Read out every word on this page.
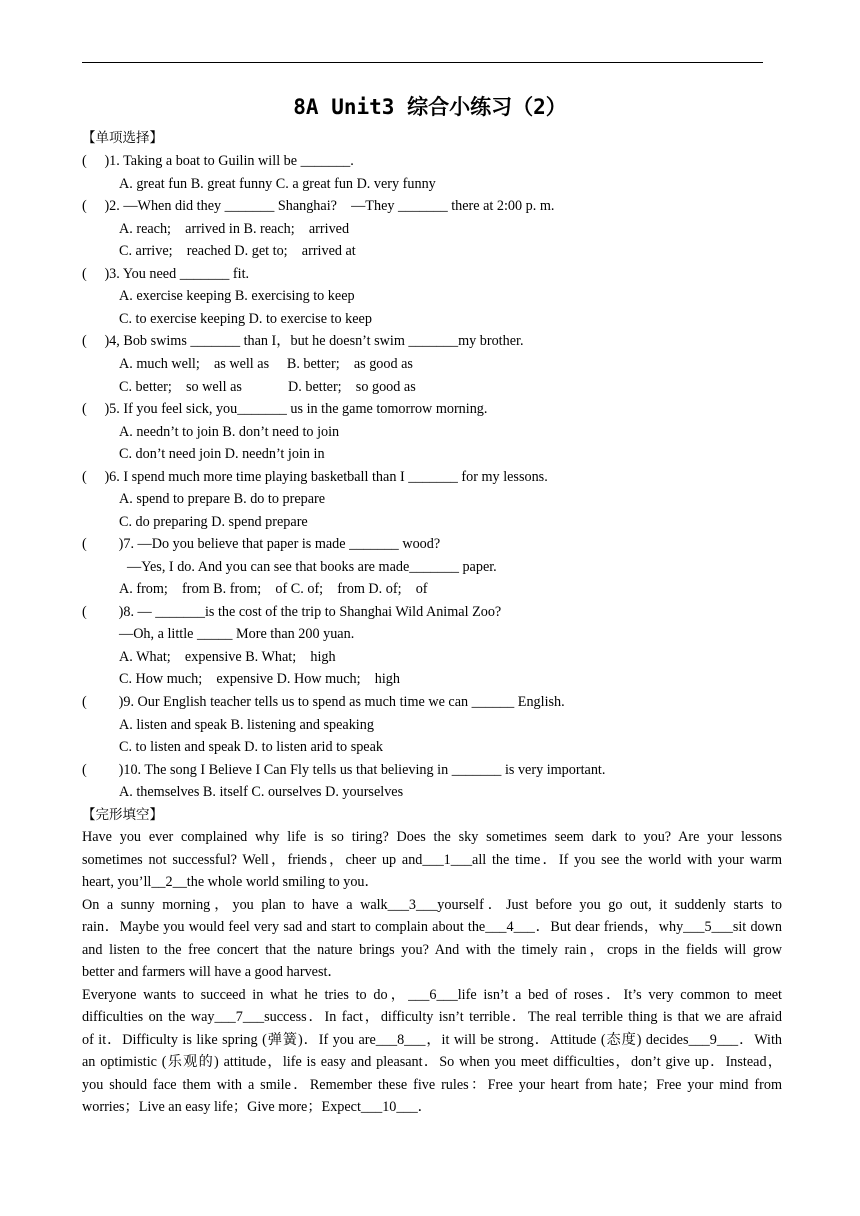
8A Unit3 综合小练习（2）
【单项选择】
(     )1. Taking a boat to Guilin will be _______.
A. great fun B. great funny C. a great fun D. very funny
(     )2. —When did they _______ Shanghai?    —They _______ there at 2:00 p. m.
A. reach;    arrived in B. reach;    arrived
C. arrive;    reached D. get to;    arrived at
(     )3. You need _______ fit.
A. exercise keeping B. exercising to keep
C. to exercise keeping D. to exercise to keep
(     )4, Bob swims _______ than I，but he doesn’t swim _______my brother.
A. much well;    as well as     B. better;    as good as
C. better;    so well as             D. better;    so good as
(     )5. If you feel sick, you_______ us in the game tomorrow morning.
A. needn’t to join B. don’t need to join
C. don’t need join D. needn’t join in
(     )6. I spend much more time playing basketball than I _______ for my lessons.
A. spend to prepare B. do to prepare
C. do preparing D. spend prepare
(         )7. —Do you believe that paper is made _______ wood?
—Yes, I do. And you can see that books are made_______ paper.
A. from;    from B. from;    of C. of;    from D. of;    of
(         )8. — _______is the cost of the trip to Shanghai Wild Animal Zoo?
—Oh, a little _____ More than 200 yuan.
A. What;    expensive B. What;    high
C. How much;    expensive D. How much;    high
(         )9. Our English teacher tells us to spend as much time we can ______ English.
A. listen and speak B. listening and speaking
C. to listen and speak D. to listen arid to speak
(         )10. The song I Believe I Can Fly tells us that believing in _______ is very important.
A. themselves B. itself C. ourselves D. yourselves
【完形填空】
Have you ever complained why life is so tiring? Does the sky sometimes seem dark to you? Are your lessons
sometimes not successful? Well，friends，cheer up and___1___all the time．If you see the world with your warm
heart, you’ll__2__the whole world smiling to you．
On a sunny morning，you plan to have a walk___3___yourself．Just before you go out, it suddenly starts to
rain．Maybe you would feel very sad and start to complain about the___4___．But dear friends，why___5___sit down
and listen to the free concert that the nature brings you? And with the timely rain，crops in the fields will grow
better and farmers will have a good harvest．
Everyone wants to succeed in what he tries to do，___6___life isn’t a bed of roses．It’s very common to meet
difficulties on the way___7___success．In fact，difficulty isn’t terrible．The real terrible thing is that we are afraid
of it．Difficulty is like spring (弹簧)．If you are___8___，it will be strong．Attitude (态度) decides___9___．With
an optimistic (乐观的) attitude，life is easy and pleasant．So when you meet difficulties，don’t give up．Instead，
you should face them with a smile．Remember these five rules：Free your heart from hate；Free your mind from
worries；Live an easy life；Give more；Expect___10___．
